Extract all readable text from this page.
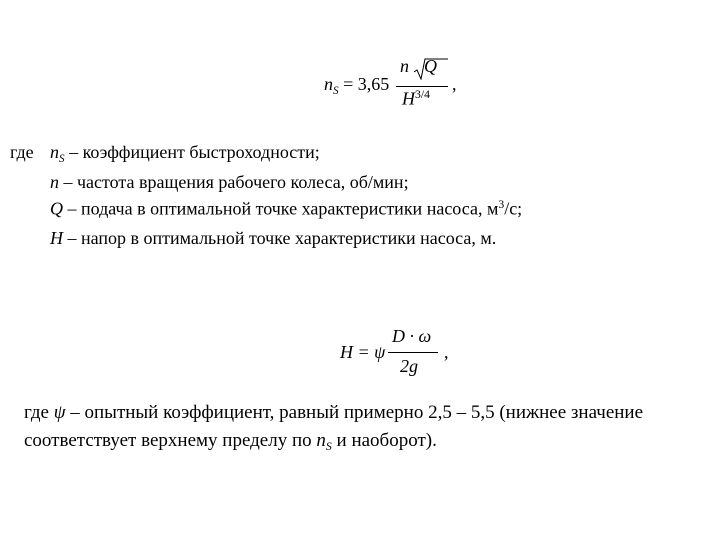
$n_S = 3,65$
n Q
$H^{3/4}$
,
где $n_S$ – коэффициент быстроходности;
n – частота вращения рабочего колеса, об/мин;
Q – подача в оптимальной точке характеристики насоса, $м^3/с$;
H – напор в оптимальной точке характеристики насоса, м.
H = ψ
D · ω
2g
,
где ψ – опытный коэффициент, равный примерно 2,5 – 5,5 (нижнее значение
соответствует верхнему пределу по $n_S$ и наоборот).
